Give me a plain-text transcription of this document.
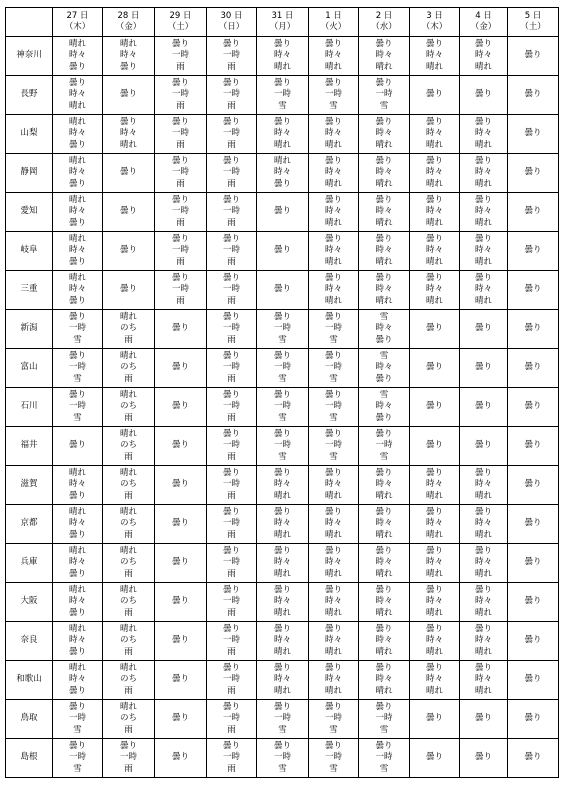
	27 日
（木）	28 日
（金）	29 日
（土）	30 日
（日）	31 日
（月）	1 日
（火）	2 日
（水）	3 日
（木）	4 日
（金）	5 日
（土）

神奈川	晴れ
時々
曇り	晴れ
時々
曇り	曇り
一時
雨	曇り
一時
雨	曇り
時々
晴れ	曇り
時々
晴れ	曇り
時々
晴れ	曇り
時々
晴れ	曇り
時々
晴れ	曇り

長野	曇り
時々
晴れ	曇り	曇り
一時
雨	曇り
一時
雨	曇り
一時
雪	曇り
一時
雪	曇り
一時
雪	曇り	曇り	曇り

山梨	晴れ
時々
曇り	曇り
時々
晴れ	曇り
一時
雨	曇り
一時
雨	曇り
時々
晴れ	曇り
時々
晴れ	曇り
時々
晴れ	曇り
時々
晴れ	曇り
時々
晴れ	曇り

静岡	晴れ
時々
曇り	曇り	曇り
一時
雨	曇り
一時
雨	晴れ
時々
曇り	曇り
時々
晴れ	曇り
時々
晴れ	曇り
時々
晴れ	曇り
時々
晴れ	曇り

愛知	晴れ
時々
曇り	曇り	曇り
一時
雨	曇り
一時
雨	曇り	曇り
時々
晴れ	曇り
時々
晴れ	曇り
時々
晴れ	曇り
時々
晴れ	曇り

岐阜	晴れ
時々
曇り	曇り	曇り
一時
雨	曇り
一時
雨	曇り	曇り
時々
晴れ	曇り
時々
晴れ	曇り
時々
晴れ	曇り
時々
晴れ	曇り

三重	晴れ
時々
曇り	曇り	曇り
一時
雨	曇り
一時
雨	曇り	曇り
時々
晴れ	曇り
時々
晴れ	曇り
時々
晴れ	曇り
時々
晴れ	曇り

新潟	曇り
一時
雪	晴れ
のち
雨	曇り	曇り
一時
雨	曇り
一時
雪	曇り
一時
雪	雪
時々
曇り	曇り	曇り	曇り

富山	曇り
一時
雪	晴れ
のち
雨	曇り	曇り
一時
雨	曇り
一時
雪	曇り
一時
雪	雪
時々
曇り	曇り	曇り	曇り

石川	曇り
一時
雪	晴れ
のち
雨	曇り	曇り
一時
雨	曇り
一時
雪	曇り
一時
雪	雪
時々
曇り	曇り	曇り	曇り

福井	曇り	晴れ
のち
雨	曇り	曇り
一時
雨	曇り
一時
雪	曇り
一時
雪	曇り
一時
雪	曇り	曇り	曇り

滋賀	晴れ
時々
曇り	晴れ
のち
雨	曇り	曇り
一時
雨	曇り
時々
晴れ	曇り
時々
晴れ	曇り
時々
晴れ	曇り
時々
晴れ	曇り
時々
晴れ	曇り

京都	晴れ
時々
曇り	晴れ
のち
雨	曇り	曇り
一時
雨	曇り
時々
晴れ	曇り
時々
晴れ	曇り
時々
晴れ	曇り
時々
晴れ	曇り
時々
晴れ	曇り

兵庫	晴れ
時々
曇り	晴れ
のち
雨	曇り	曇り
一時
雨	曇り
時々
晴れ	曇り
時々
晴れ	曇り
時々
晴れ	曇り
時々
晴れ	曇り
時々
晴れ	曇り

大阪	晴れ
時々
曇り	晴れ
のち
雨	曇り	曇り
一時
雨	曇り
時々
晴れ	曇り
時々
晴れ	曇り
時々
晴れ	曇り
時々
晴れ	曇り
時々
晴れ	曇り

奈良	晴れ
時々
曇り	晴れ
のち
雨	曇り	曇り
一時
雨	曇り
時々
晴れ	曇り
時々
晴れ	曇り
時々
晴れ	曇り
時々
晴れ	曇り
時々
晴れ	曇り

和歌山	晴れ
時々
曇り	晴れ
のち
雨	曇り	曇り
一時
雨	曇り
時々
晴れ	曇り
時々
晴れ	曇り
時々
晴れ	曇り
時々
晴れ	曇り
時々
晴れ	曇り

鳥取	曇り
一時
雪	晴れ
のち
雨	曇り	曇り
一時
雨	曇り
一時
雪	曇り
一時
雪	曇り
一時
雪	曇り	曇り	曇り

島根	曇り
一時
雪	曇り
一時
雨	曇り	曇り
一時
雨	曇り
一時
雪	曇り
一時
雪	曇り
一時
雪	曇り	曇り	曇り
